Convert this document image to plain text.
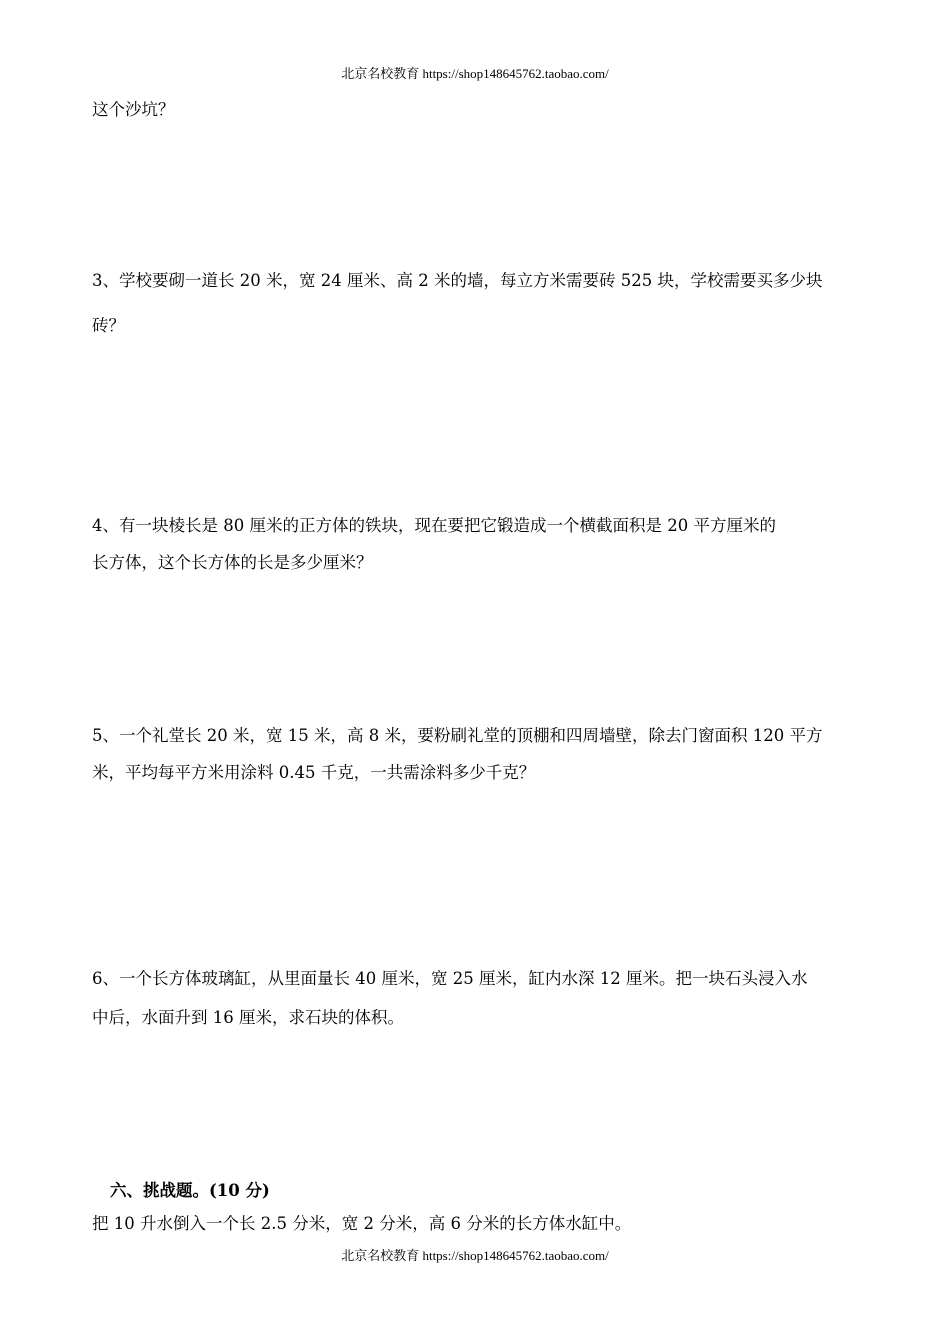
北京名校教育 https://shop148645762.taobao.com/
这个沙坑？
3、学校要砌一道长 20 米，宽 24 厘米、高 2 米的墙，每立方米需要砖 525 块，学校需要买多少块
砖？
4、有一块棱长是 80 厘米的正方体的铁块，现在要把它锻造成一个横截面积是 20 平方厘米的
长方体，这个长方体的长是多少厘米？
5、一个礼堂长 20 米，宽 15 米，高 8 米，要粉刷礼堂的顶棚和四周墙壁，除去门窗面积 120 平方
米，平均每平方米用涂料 0.45 千克，一共需涂料多少千克？
6、一个长方体玻璃缸，从里面量长 40 厘米，宽 25 厘米，缸内水深 12 厘米。把一块石头浸入水
中后，水面升到 16 厘米，求石块的体积。
六、挑战题。(10 分)
把 10 升水倒入一个长 2.5 分米，宽 2 分米，高 6 分米的长方体水缸中。
北京名校教育 https://shop148645762.taobao.com/
